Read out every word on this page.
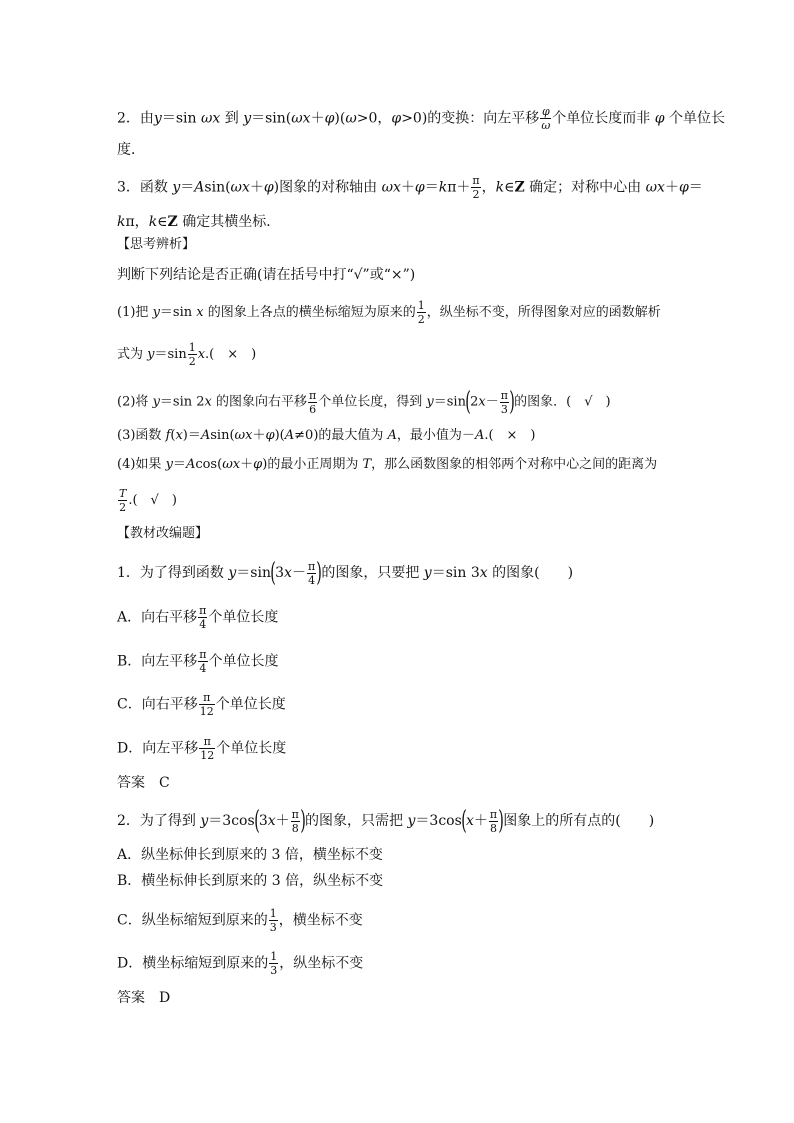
2．由y＝sin ωx 到 y＝sin(ωx＋φ)(ω>0，φ>0)的变换：向左平移 $\frac{\varphi}{\omega}$ 个单位长度而非 φ 个单位长
度．
3．函数 y＝Asin(ωx＋φ)图象的对称轴由 $\omega x+\varphi=k\pi+ \frac{\pi}{2}$ ，k∈Z 确定；对称中心由 ωx＋φ＝
kπ，k∈Z 确定其横坐标．
【思考辨析】
判断下列结论是否正确(请在括号中打“√”或“×”)
(1)把 y＝sin x 的图象上各点的横坐标缩短为原来的 $\frac{1}{2}$ ，纵坐标不变，所得图象对应的函数解析
式为 $y=\sin \frac{1}{2} x$.(　×　)
(2)将 y＝sin 2x 的图象向右平移 $\frac{\pi}{6}$ 个单位长度，得到 $y=\sin(2x- \frac{\pi}{3}$ )的图象．(　√　)
(3)函数 f(x)＝Asin(ωx＋φ)(A≠0)的最大值为 A，最小值为－A.(　×　)
(4)如果 y＝Acos(ωx＋φ)的最小正周期为 T，那么函数图象的相邻两个对称中心之间的距离为
$\frac{T}{2}$ .(　√　)
【教材改编题】
1．为了得到函数 $y=\sin(3x- \frac{\pi}{4}$ )的图象，只要把 y＝sin 3x 的图象(　　)
A．向右平移 $\frac{\pi}{4}$ 个单位长度
B．向左平移 $\frac{\pi}{4}$ 个单位长度
C．向右平移 $\frac{\pi}{12}$ 个单位长度
D．向左平移 $\frac{\pi}{12}$ 个单位长度
答案 C
2．为了得到 $y=3\cos(3x+ \frac{\pi}{8}$ )的图象，只需把 $y=3\cos(x+ \frac{\pi}{8}$ )图象上的所有点的(　　)
A．纵坐标伸长到原来的 3 倍，横坐标不变
B．横坐标伸长到原来的 3 倍，纵坐标不变
C．纵坐标缩短到原来的 $\frac{1}{3}$ ，横坐标不变
D．横坐标缩短到原来的 $\frac{1}{3}$ ，纵坐标不变
答案 D
